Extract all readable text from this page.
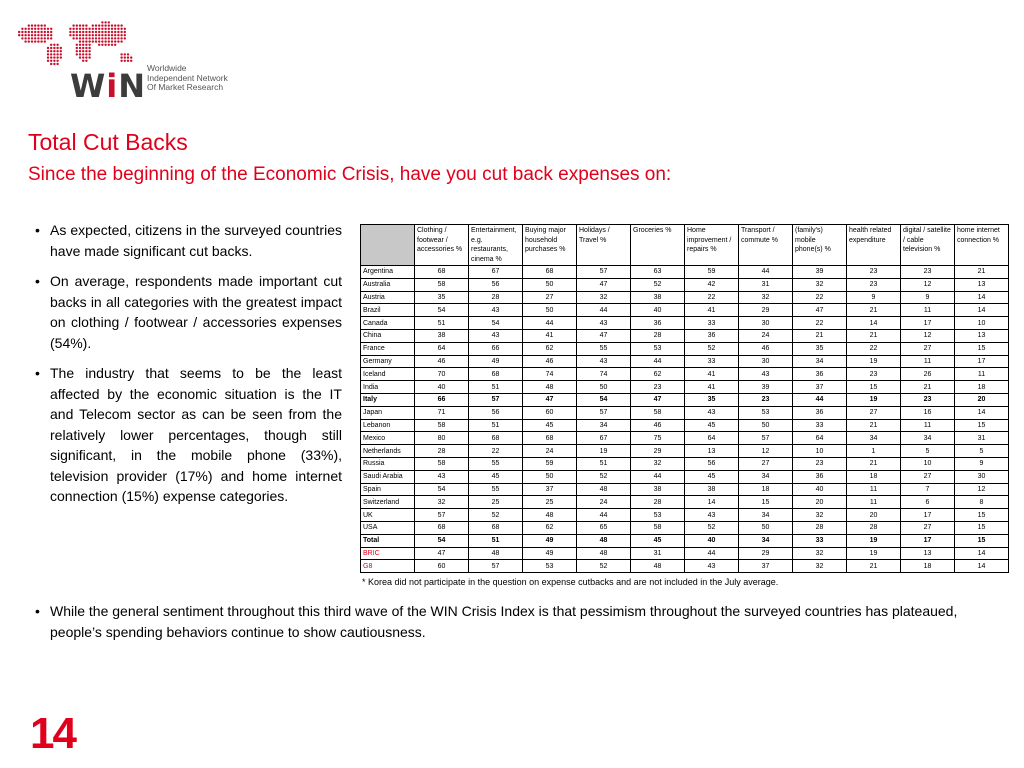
WiN Worldwide
Independent Network
Of Market Research
Total Cut Backs
Since the beginning of the Economic Crisis, have you cut back expenses on:
• As expected, citizens in the surveyed countries have made significant cut backs.
• On average, respondents made important cut backs in all categories with the greatest impact on clothing / footwear / accessories expenses (54%).
• The industry that seems to be the least affected by the economic situation is the IT and Telecom sector as can be seen from the relatively lower percentages, though still significant, in the mobile phone (33%), television provider (17%) and home internet connection (15%) expense categories.
• While the general sentiment throughout this third wave of the WIN Crisis Index is that pessimism throughout the surveyed countries has plateaued, people’s spending behaviors continue to show cautiousness.
	Clothing / footwear / accessories %	Entertainment, e.g. restaurants, cinema %	Buying major household purchases %	Holidays / Travel %	Groceries %	Home improvement / repairs %	Transport / commute %	(family's) mobile phone(s) %	health related expenditure	digital / satellite / cable television %	home internet connection %
Argentina	68	67	68	57	63	59	44	39	23	23	21
Australia	58	56	50	47	52	42	31	32	23	12	13
Austria	35	28	27	32	38	22	32	22	9	9	14
Brazil	54	43	50	44	40	41	29	47	21	11	14
Canada	51	54	44	43	36	33	30	22	14	17	10
China	38	43	41	47	28	36	24	21	21	12	13
France	64	66	62	55	53	52	46	35	22	27	15
Germany	46	49	46	43	44	33	30	34	19	11	17
Iceland	70	68	74	74	62	41	43	36	23	26	11
India	40	51	48	50	23	41	39	37	15	21	18
Italy	66	57	47	54	47	35	23	44	19	23	20
Japan	71	56	60	57	58	43	53	36	27	16	14
Lebanon	58	51	45	34	46	45	50	33	21	11	15
Mexico	80	68	68	67	75	64	57	64	34	34	31
Netherlands	28	22	24	19	29	13	12	10	1	5	5
Russia	58	55	59	51	32	56	27	23	21	10	9
Saudi Arabia	43	45	50	52	44	45	34	36	18	27	30
Spain	54	55	37	48	38	38	18	40	11	7	12
Switzerland	32	25	25	24	28	14	15	20	11	6	8
UK	57	52	48	44	53	43	34	32	20	17	15
USA	68	68	62	65	58	52	50	28	28	27	15
Total	54	51	49	48	45	40	34	33	19	17	15
BRIC	47	48	49	48	31	44	29	32	19	13	14
G8	60	57	53	52	48	43	37	32	21	18	14
* Korea did not participate in the question on expense cutbacks and are not included in the July average.
14
